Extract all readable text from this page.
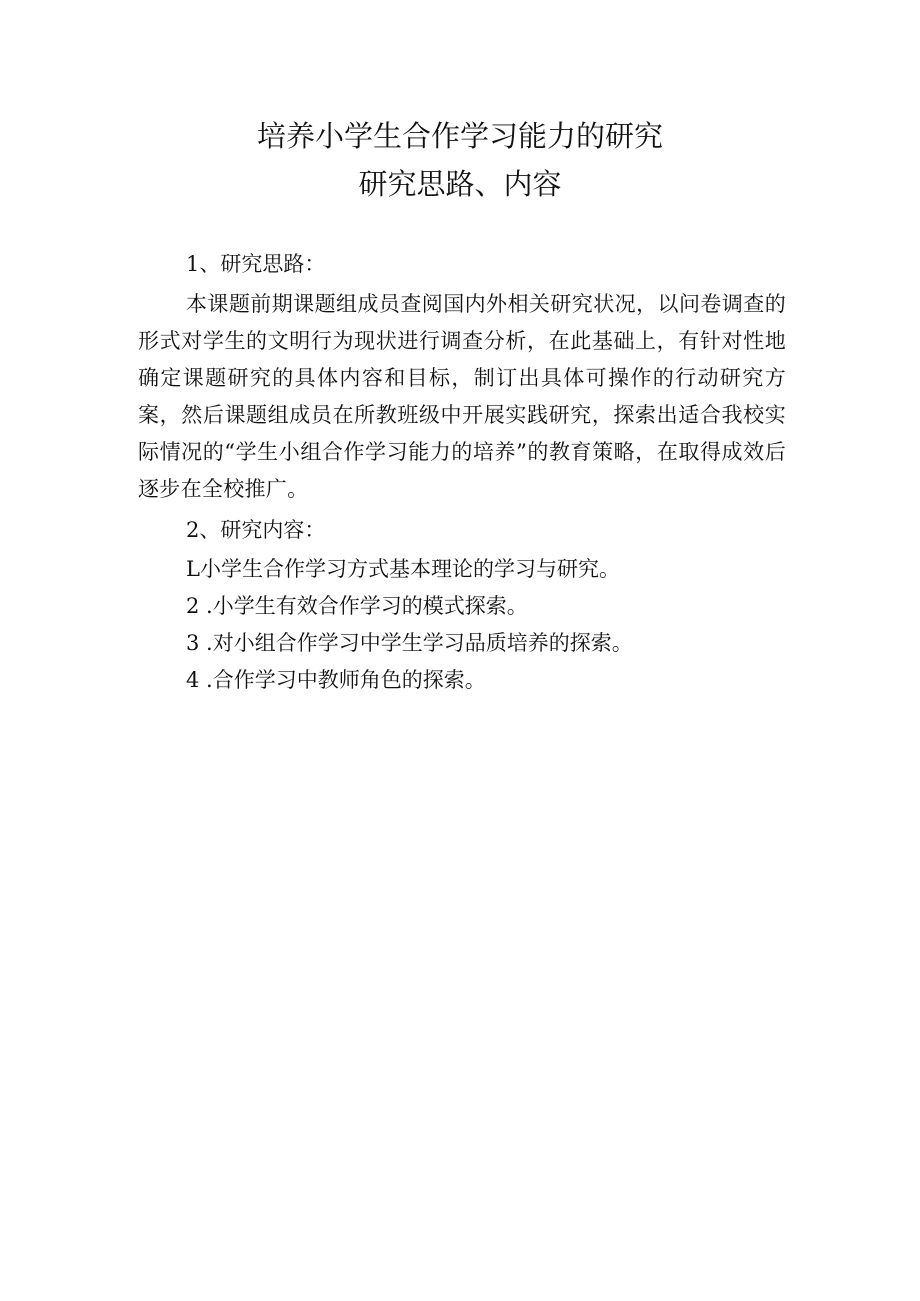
培养小学生合作学习能力的研究
研究思路、内容

1、研究思路：

本课题前期课题组成员查阅国内外相关研究状况，以问卷调查的形式对学生的文明行为现状进行调查分析，在此基础上，有针对性地确定课题研究的具体内容和目标，制订出具体可操作的行动研究方案，然后课题组成员在所教班级中开展实践研究，探索出适合我校实际情况的“学生小组合作学习能力的培养”的教育策略，在取得成效后逐步在全校推广。

2、研究内容：

L小学生合作学习方式基本理论的学习与研究。
2 .小学生有效合作学习的模式探索。
3 .对小组合作学习中学生学习品质培养的探索。
4 .合作学习中教师角色的探索。
